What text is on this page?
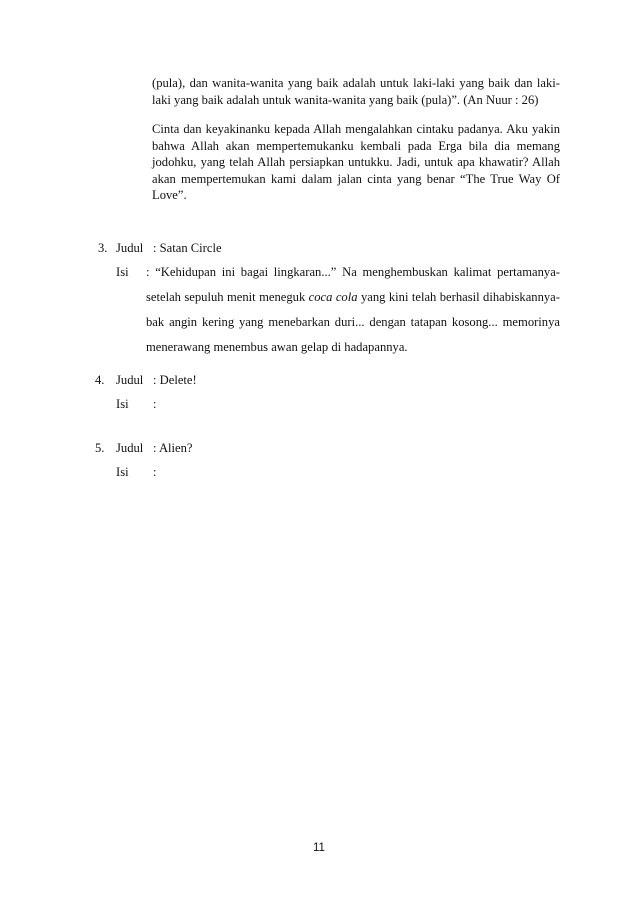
(pula), dan wanita-wanita yang baik adalah untuk laki-laki yang baik dan laki-laki yang baik adalah untuk wanita-wanita yang baik (pula)”. (An Nuur : 26)

Cinta dan keyakinanku kepada Allah mengalahkan cintaku padanya. Aku yakin bahwa Allah akan mempertemukanku kembali pada Erga bila dia memang jodohku, yang telah Allah persiapkan untukku. Jadi, untuk apa khawatir? Allah akan mempertemukan kami dalam jalan cinta yang benar “The True Way Of Love”.

3. Judul : Satan Circle
Isi : “Kehidupan ini bagai lingkaran...” Na menghembuskan kalimat pertamanya- setelah sepuluh menit meneguk coca cola yang kini telah berhasil dihabiskannya- bak angin kering yang menebarkan duri... dengan tatapan kosong... memorinya menerawang menembus awan gelap di hadapannya.

4. Judul : Delete!
Isi :
5. Judul : Alien?
Isi :
11
